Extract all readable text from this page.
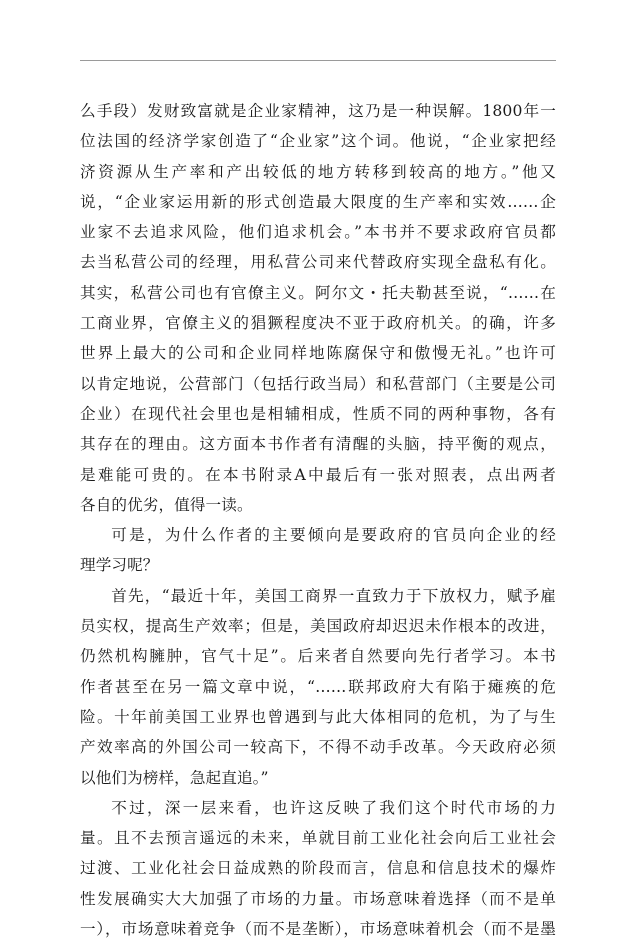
么手段）发财致富就是企业家精神，这乃是一种误解。1800年一
位法国的经济学家创造了“企业家”这个词。他说，“企业家把经
济资源从生产率和产出较低的地方转移到较高的地方。”他又
说，“企业家运用新的形式创造最大限度的生产率和实效……企
业家不去追求风险，他们追求机会。”本书并不要求政府官员都
去当私营公司的经理，用私营公司来代替政府实现全盘私有化。
其实，私营公司也有官僚主义。阿尔文・托夫勒甚至说，“……在
工商业界，官僚主义的猖獗程度决不亚于政府机关。的确，许多
世界上最大的公司和企业同样地陈腐保守和傲慢无礼。”也许可
以肯定地说，公营部门（包括行政当局）和私营部门（主要是公司
企业）在现代社会里也是相辅相成，性质不同的两种事物，各有
其存在的理由。这方面本书作者有清醒的头脑，持平衡的观点，
是难能可贵的。在本书附录A中最后有一张对照表，点出两者
各自的优劣，值得一读。
可是，为什么作者的主要倾向是要政府的官员向企业的经
理学习呢？
首先，“最近十年，美国工商界一直致力于下放权力，赋予雇
员实权，提高生产效率；但是，美国政府却迟迟未作根本的改进，
仍然机构臃肿，官气十足”。后来者自然要向先行者学习。本书
作者甚至在另一篇文章中说，“……联邦政府大有陷于瘫痪的危
险。十年前美国工业界也曾遇到与此大体相同的危机，为了与生
产效率高的外国公司一较高下，不得不动手改革。今天政府必须
以他们为榜样，急起直追。”
不过，深一层来看，也许这反映了我们这个时代市场的力
量。且不去预言遥远的未来，单就目前工业化社会向后工业社会
过渡、工业化社会日益成熟的阶段而言，信息和信息技术的爆炸
性发展确实大大加强了市场的力量。市场意味着选择（而不是单
一），市场意味着竞争（而不是垄断），市场意味着机会（而不是墨
